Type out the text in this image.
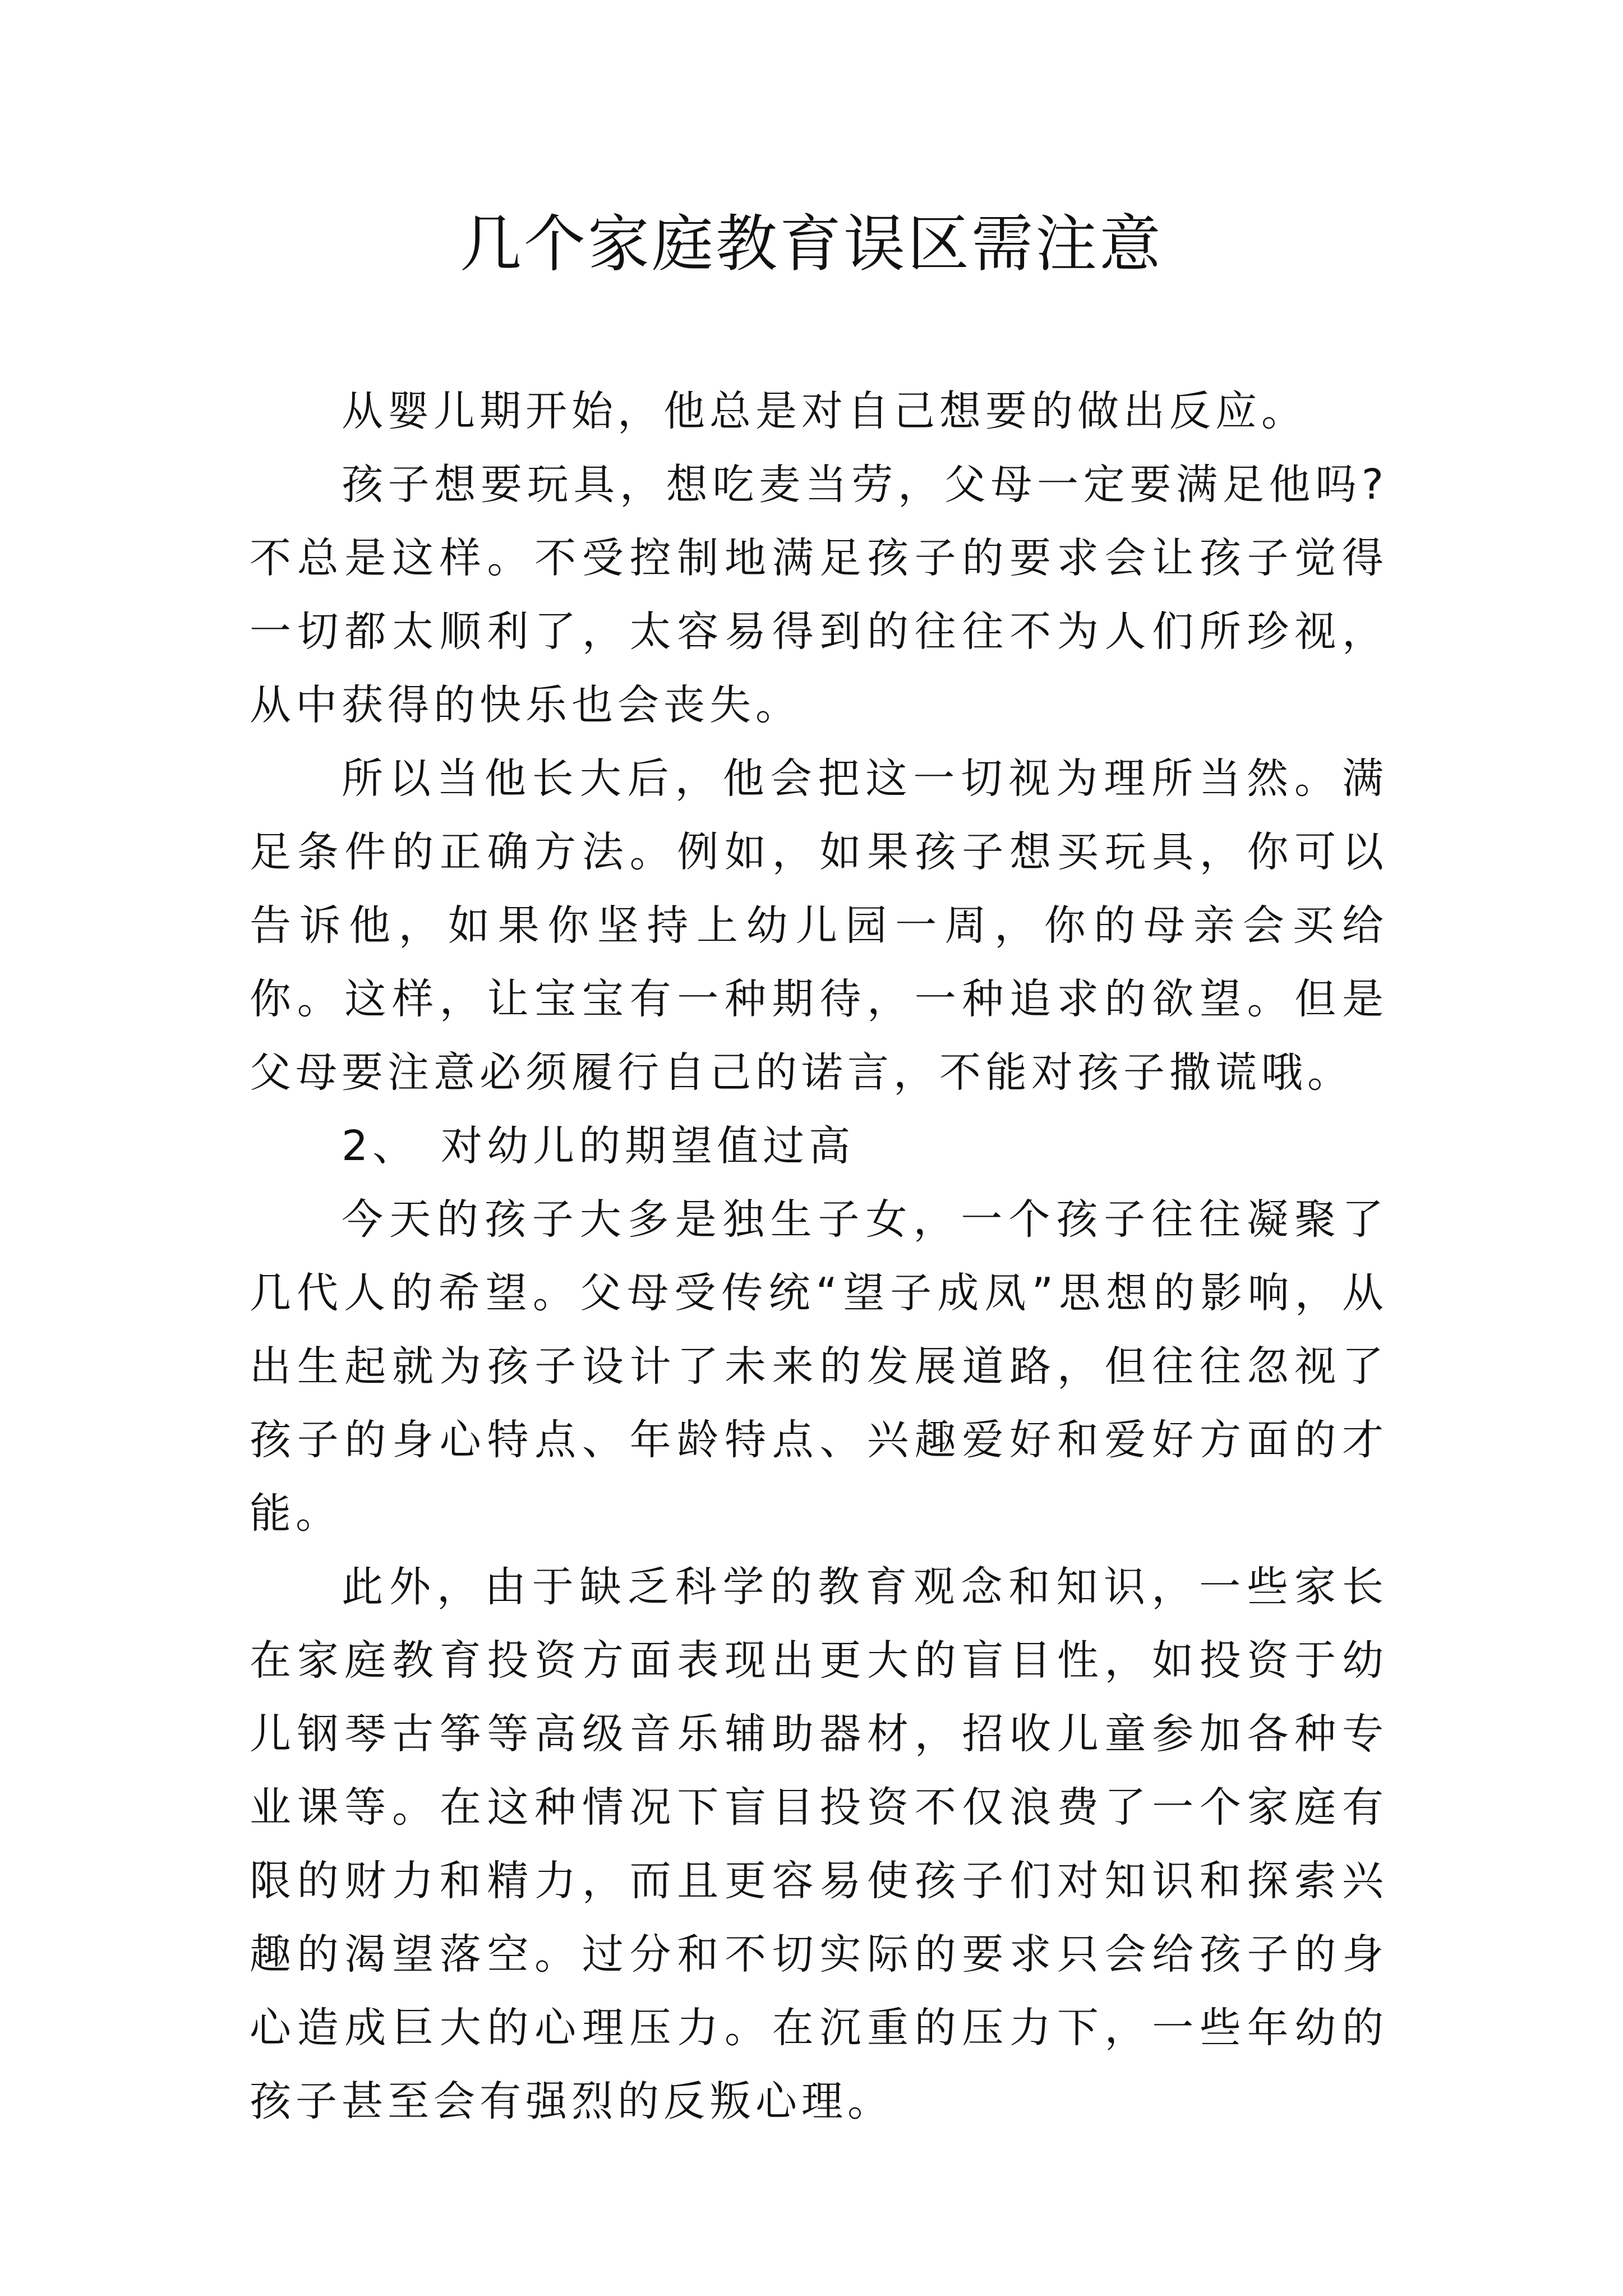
几个家庭教育误区需注意

从婴儿期开始，他总是对自己想要的做出反应。

孩子想要玩具，想吃麦当劳，父母一定要满足他吗?不总是这样。不受控制地满足孩子的要求会让孩子觉得一切都太顺利了，太容易得到的往往不为人们所珍视，从中获得的快乐也会丧失。

所以当他长大后，他会把这一切视为理所当然。满足条件的正确方法。例如，如果孩子想买玩具，你可以告诉他，如果你坚持上幼儿园一周，你的母亲会买给你。这样，让宝宝有一种期待，一种追求的欲望。但是父母要注意必须履行自己的诺言，不能对孩子撒谎哦。

2、 对幼儿的期望值过高

今天的孩子大多是独生子女，一个孩子往往凝聚了几代人的希望。父母受传统“望子成凤”思想的影响，从出生起就为孩子设计了未来的发展道路，但往往忽视了孩子的身心特点、年龄特点、兴趣爱好和爱好方面的才能。

此外，由于缺乏科学的教育观念和知识，一些家长在家庭教育投资方面表现出更大的盲目性，如投资于幼儿钢琴古筝等高级音乐辅助器材，招收儿童参加各种专业课等。在这种情况下盲目投资不仅浪费了一个家庭有限的财力和精力，而且更容易使孩子们对知识和探索兴趣的渴望落空。过分和不切实际的要求只会给孩子的身心造成巨大的心理压力。在沉重的压力下，一些年幼的孩子甚至会有强烈的反叛心理。
